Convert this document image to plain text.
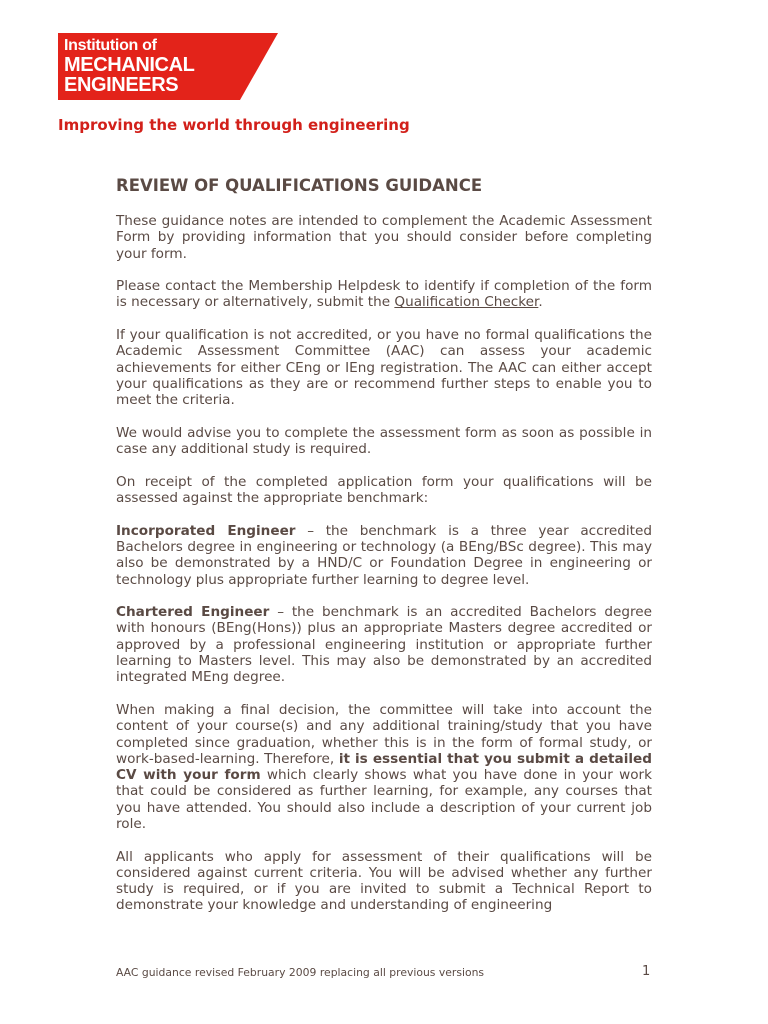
Institution of
MECHANICAL
ENGINEERS
Improving the world through engineering
REVIEW OF QUALIFICATIONS GUIDANCE

These guidance notes are intended to complement the Academic Assessment Form by providing information that you should consider before completing your form.

Please contact the Membership Helpdesk to identify if completion of the form is necessary or alternatively, submit the Qualification Checker.

If your qualification is not accredited, or you have no formal qualifications the Academic Assessment Committee (AAC) can assess your academic achievements for either CEng or IEng registration. The AAC can either accept your qualifications as they are or recommend further steps to enable you to meet the criteria.

We would advise you to complete the assessment form as soon as possible in case any additional study is required.

On receipt of the completed application form your qualifications will be assessed against the appropriate benchmark:

Incorporated Engineer – the benchmark is a three year accredited Bachelors degree in engineering or technology (a BEng/BSc degree). This may also be demonstrated by a HND/C or Foundation Degree in engineering or technology plus appropriate further learning to degree level.

Chartered Engineer – the benchmark is an accredited Bachelors degree with honours (BEng(Hons)) plus an appropriate Masters degree accredited or approved by a professional engineering institution or appropriate further learning to Masters level. This may also be demonstrated by an accredited integrated MEng degree.

When making a final decision, the committee will take into account the content of your course(s) and any additional training/study that you have completed since graduation, whether this is in the form of formal study, or work-based-learning. Therefore, it is essential that you submit a detailed CV with your form which clearly shows what you have done in your work that could be considered as further learning, for example, any courses that you have attended. You should also include a description of your current job role.

All applicants who apply for assessment of their qualifications will be considered against current criteria. You will be advised whether any further study is required, or if you are invited to submit a Technical Report to demonstrate your knowledge and understanding of engineering

AAC guidance revised February 2009 replacing all previous versions	1
